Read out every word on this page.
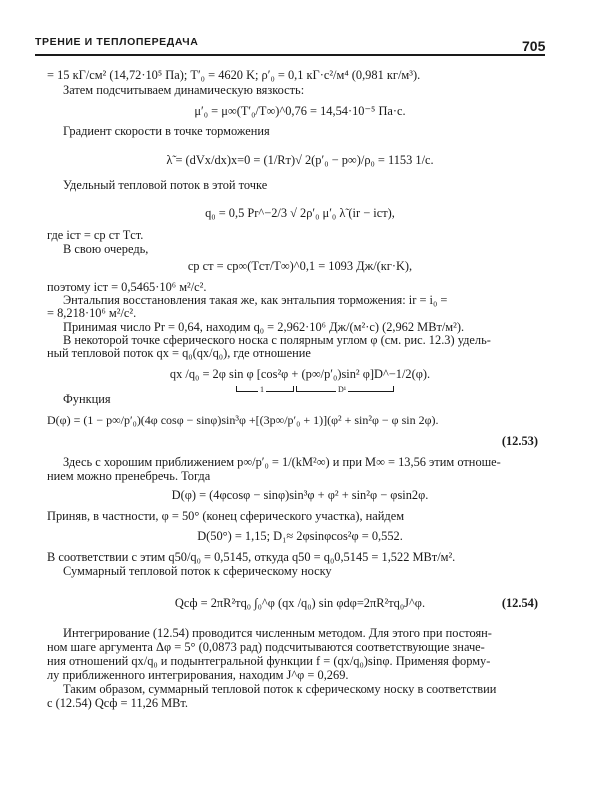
ТРЕНИЕ И ТЕПЛОПЕРЕДАЧА	705

= 15 кГ/см² (14,72·10⁵ Па); T′₀ = 4620 K; ρ′₀ = 0,1 кГ·с²/м⁴ (0,981 кг/м³).

Затем подсчитываем динамическую вязкость:

μ′₀ = μ∞(T′₀/T∞)^0,76 = 14,54·10⁻⁵ Па·с.

Градиент скорости в точке торможения

λ̃ = (dVx/dx)x=0 = (1/Rт)√ 2(p′₀ − p∞)/ρ₀ = 1153 1/с.

Удельный тепловой поток в этой точке

q₀ = 0,5 Pr^−2/3 √ 2ρ′₀ μ′₀ λ̃ (ir − iст),

где iст = cp ст Tст.

В свою очередь,

cp ст = cp∞(Tст/T∞)^0,1 = 1093 Дж/(кг·K),

поэтому iст = 0,5465·10⁶ м²/с².

Энтальпия восстановления такая же, как энтальпия торможения: ir = i₀ =

= 8,218·10⁶ м²/с².

Принимая число Pr = 0,64, находим q₀ = 2,962·10⁶ Дж/(м²·с) (2,962 МВт/м²).

В некоторой точке сферического носка с полярным углом φ (см. рис. 12.3) удель-

ный тепловой поток qx = q₀(qx/q₀), где отношение

qx /q₀ = 2φ sin φ [cos²φ + (p∞/p′₀)sin² φ]D^−1/2(φ).

1	D¹

Функция

D(φ) = (1 − p∞/p′₀)(4φ cosφ − sinφ)sin³φ +[(3p∞/p′₀ + 1)](φ² + sin²φ − φ sin 2φ).

(12.53)

Здесь с хорошим приближением p∞/p′₀ = 1/(kM²∞) и при M∞ = 13,56 этим отноше-

нием можно пренебречь. Тогда

D(φ) = (4φcosφ − sinφ)sin³φ + φ² + sin²φ − φsin2φ.

Приняв, в частности, φ = 50° (конец сферического участка), найдем

D(50°) = 1,15; D₁≈ 2φsinφcos²φ = 0,552.

В соответствии с этим q50/q₀ = 0,5145, откуда q50 = q₀0,5145 = 1,522 МВт/м².

Суммарный тепловой поток к сферическому носку

Qсф = 2πR²тq₀ ∫₀^φ (qx /q₀) sin φdφ=2πR²тq₀J^φ.	(12.54)

Интегрирование (12.54) проводится численным методом. Для этого при постоян-

ном шаге аргумента Δφ = 5° (0,0873 рад) подсчитываются соответствующие значе-

ния отношений qx/q₀ и подынтегральной функции f = (qx/q₀)sinφ. Применяя форму-

лу приближенного интегрирования, находим J^φ = 0,269.

Таким образом, суммарный тепловой поток к сферическому носку в соответствии

с (12.54) Qсф = 11,26 МВт.
